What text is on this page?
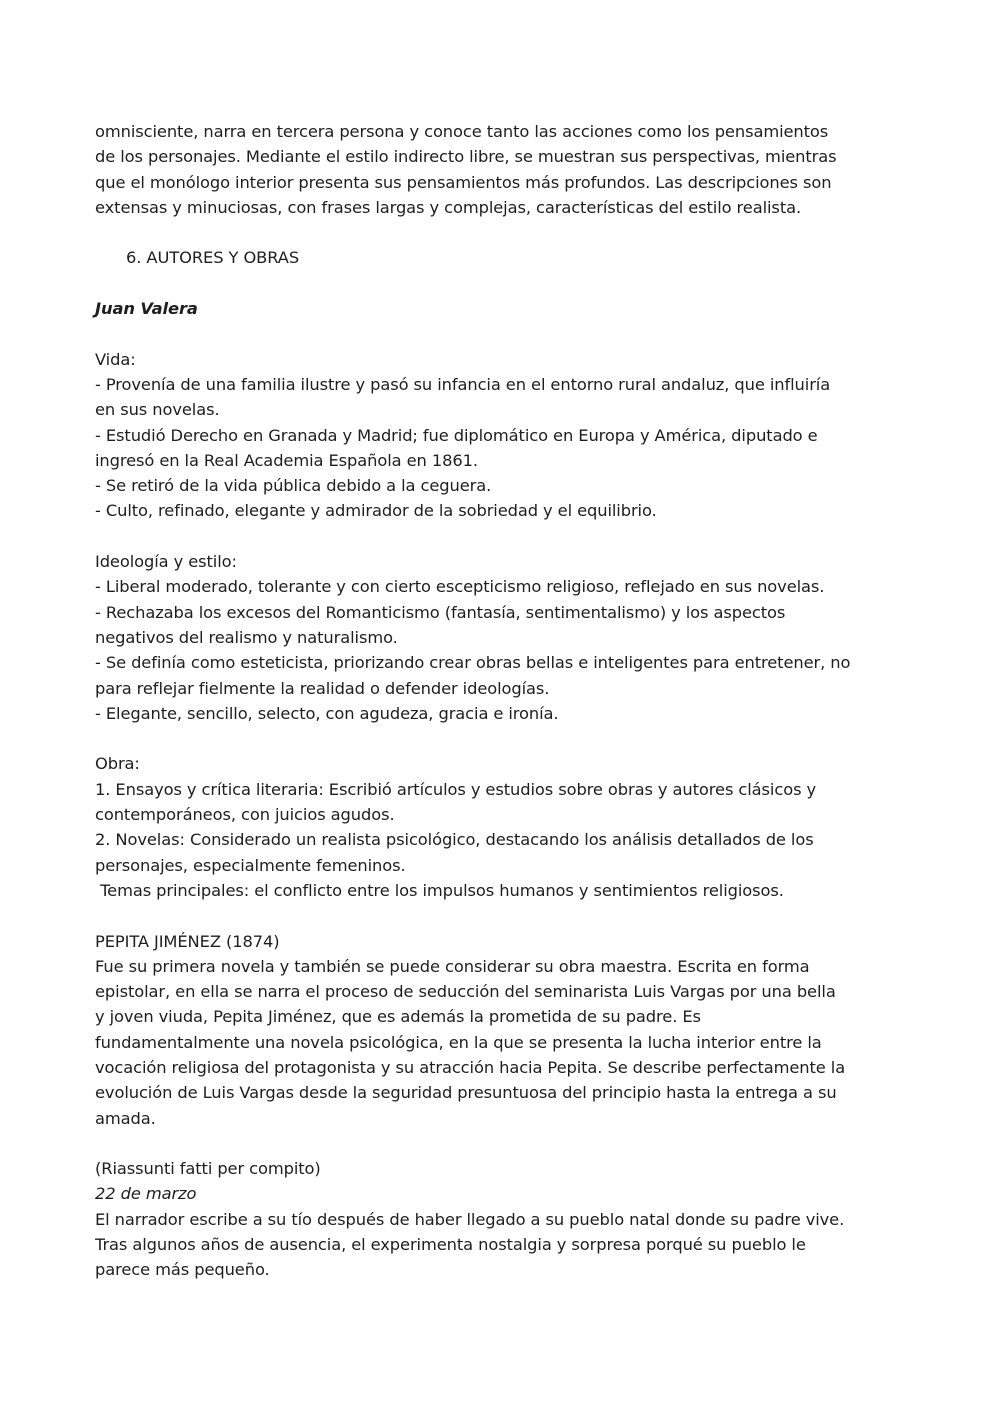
omnisciente, narra en tercera persona y conoce tanto las acciones como los pensamientos
de los personajes. Mediante el estilo indirecto libre, se muestran sus perspectivas, mientras
que el monólogo interior presenta sus pensamientos más profundos. Las descripciones son
extensas y minuciosas, con frases largas y complejas, características del estilo realista.
6. AUTORES Y OBRAS
Juan Valera
Vida:
- Provenía de una familia ilustre y pasó su infancia en el entorno rural andaluz, que influiría
en sus novelas.
- Estudió Derecho en Granada y Madrid; fue diplomático en Europa y América, diputado e
ingresó en la Real Academia Española en 1861.
- Se retiró de la vida pública debido a la ceguera.
- Culto, refinado, elegante y admirador de la sobriedad y el equilibrio.
Ideología y estilo:
- Liberal moderado, tolerante y con cierto escepticismo religioso, reflejado en sus novelas.
- Rechazaba los excesos del Romanticismo (fantasía, sentimentalismo) y los aspectos
negativos del realismo y naturalismo.
- Se definía como esteticista, priorizando crear obras bellas e inteligentes para entretener, no
para reflejar fielmente la realidad o defender ideologías.
- Elegante, sencillo, selecto, con agudeza, gracia e ironía.
Obra:
1. Ensayos y crítica literaria: Escribió artículos y estudios sobre obras y autores clásicos y
contemporáneos, con juicios agudos.
2. Novelas: Considerado un realista psicológico, destacando los análisis detallados de los
personajes, especialmente femeninos.
Temas principales: el conflicto entre los impulsos humanos y sentimientos religiosos.
PEPITA JIMÉNEZ (1874)
Fue su primera novela y también se puede considerar su obra maestra. Escrita en forma
epistolar, en ella se narra el proceso de seducción del seminarista Luis Vargas por una bella
y joven viuda, Pepita Jiménez, que es además la prometida de su padre. Es
fundamentalmente una novela psicológica, en la que se presenta la lucha interior entre la
vocación religiosa del protagonista y su atracción hacia Pepita. Se describe perfectamente la
evolución de Luis Vargas desde la seguridad presuntuosa del principio hasta la entrega a su
amada.
(Riassunti fatti per compito)
22 de marzo
El narrador escribe a su tío después de haber llegado a su pueblo natal donde su padre vive.
Tras algunos años de ausencia, el experimenta nostalgia y sorpresa porqué su pueblo le
parece más pequeño.
